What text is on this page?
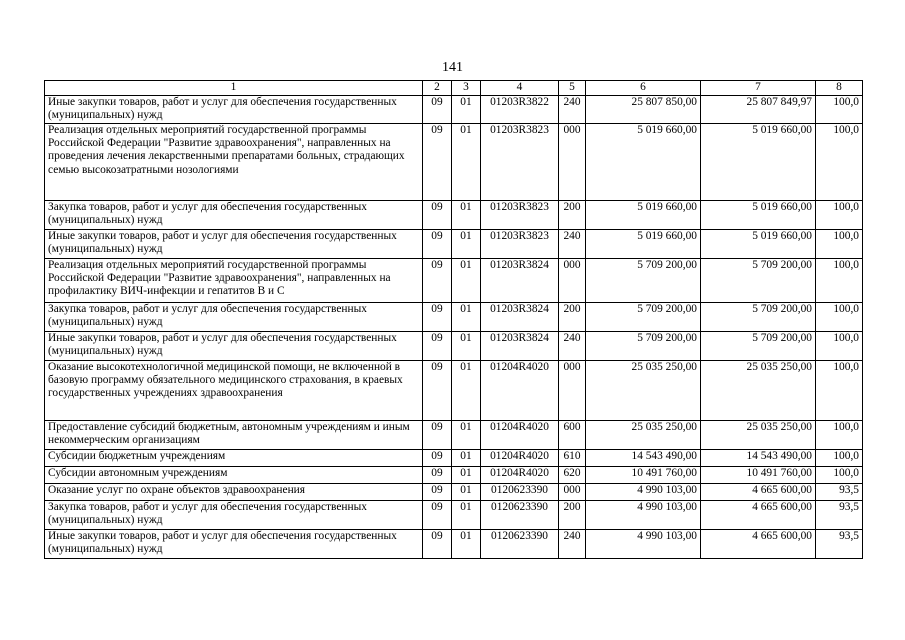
141
1	2	3	4	5	6	7	8
Иные закупки товаров, работ и услуг для обеспечения государственных (муниципальных) нужд	09	01	01203R3822	240	25 807 850,00	25 807 849,97	100,0
Реализация отдельных мероприятий государственной программы Российской Федерации "Развитие здравоохранения", направленных на проведения лечения лекарственными препаратами больных, страдающих семью высокозатратными нозологиями	09	01	01203R3823	000	5 019 660,00	5 019 660,00	100,0
Закупка товаров, работ и услуг для обеспечения государственных (муниципальных) нужд	09	01	01203R3823	200	5 019 660,00	5 019 660,00	100,0
Иные закупки товаров, работ и услуг для обеспечения государственных (муниципальных) нужд	09	01	01203R3823	240	5 019 660,00	5 019 660,00	100,0
Реализация отдельных мероприятий государственной программы Российской Федерации "Развитие здравоохранения", направленных на профилактику ВИЧ-инфекции и гепатитов В и С	09	01	01203R3824	000	5 709 200,00	5 709 200,00	100,0
Закупка товаров, работ и услуг для обеспечения государственных (муниципальных) нужд	09	01	01203R3824	200	5 709 200,00	5 709 200,00	100,0
Иные закупки товаров, работ и услуг для обеспечения государственных (муниципальных) нужд	09	01	01203R3824	240	5 709 200,00	5 709 200,00	100,0
Оказание высокотехнологичной медицинской помощи, не включенной в базовую программу обязательного медицинского страхования, в краевых государственных учреждениях здравоохранения	09	01	01204R4020	000	25 035 250,00	25 035 250,00	100,0
Предоставление субсидий бюджетным, автономным учреждениям и иным некоммерческим организациям	09	01	01204R4020	600	25 035 250,00	25 035 250,00	100,0
Субсидии бюджетным учреждениям	09	01	01204R4020	610	14 543 490,00	14 543 490,00	100,0
Субсидии автономным учреждениям	09	01	01204R4020	620	10 491 760,00	10 491 760,00	100,0
Оказание услуг по охране объектов здравоохранения	09	01	0120623390	000	4 990 103,00	4 665 600,00	93,5
Закупка товаров, работ и услуг для обеспечения государственных (муниципальных) нужд	09	01	0120623390	200	4 990 103,00	4 665 600,00	93,5
Иные закупки товаров, работ и услуг для обеспечения государственных (муниципальных) нужд	09	01	0120623390	240	4 990 103,00	4 665 600,00	93,5
